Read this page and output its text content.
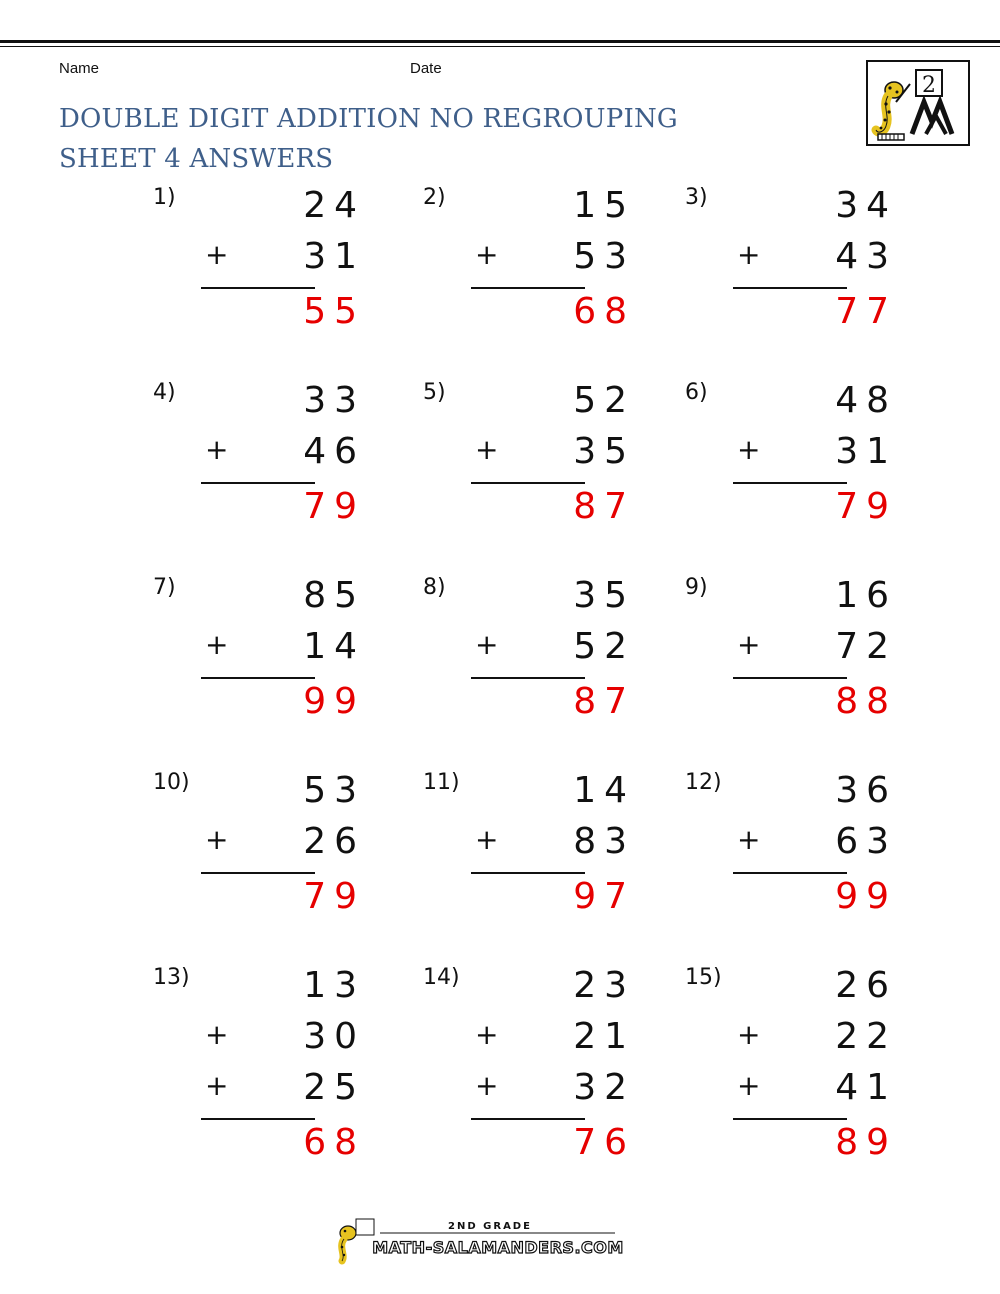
Name	Date
DOUBLE DIGIT ADDITION NO REGROUPING
SHEET 4 ANSWERS
2
1)	24
31
+
55
2)	15
53
+
68
3)	34
43
+
77
4)	33
46
+
79
5)	52
35
+
87
6)	48
31
+
79
7)	85
14
+
99
8)	35
52
+
87
9)	16
72
+
88
10)	53
26
+
79
11)	14
83
+
97
12)	36
63
+
99
13)	13
30
+
25
+
68
14)	23
21
+
32
+
76
15)	26
22
+
41
+
89
2ND GRADE
MATH-SALAMANDERS.COM
